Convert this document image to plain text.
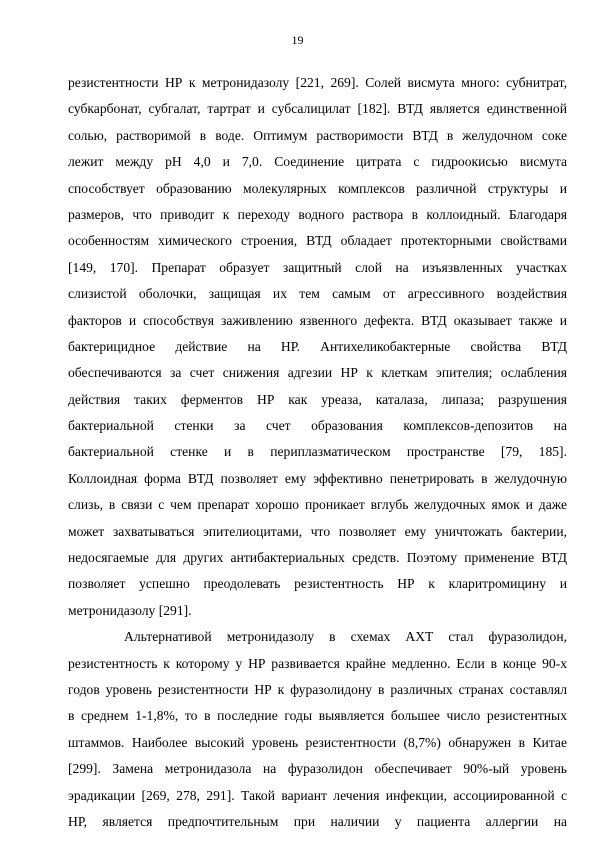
19
резистентности НР к метронидазолу [221, 269]. Солей висмута много: субнитрат,
субкарбонат, субгалат, тартрат и субсалицилат [182]. ВТД является единственной
солью, растворимой в воде. Оптимум растворимости ВТД в желудочном соке
лежит между рН 4,0 и 7,0. Соединение цитрата с гидроокисью висмута
способствует образованию молекулярных комплексов различной структуры и
размеров, что приводит к переходу водного раствора в коллоидный. Благодаря
особенностям химического строения, ВТД обладает протекторными свойствами
[149, 170]. Препарат образует защитный слой на изъязвленных участках
слизистой оболочки, защищая их тем самым от агрессивного воздействия
факторов и способствуя заживлению язвенного дефекта. ВТД оказывает также и
бактерицидное действие на НР. Антихеликобактерные свойства ВТД
обеспечиваются за счет снижения адгезии НР к клеткам эпителия; ослабления
действия таких ферментов НР как уреаза, каталаза, липаза; разрушения
бактериальной стенки за счет образования комплексов-депозитов на
бактериальной стенке и в периплазматическом пространстве [79, 185].
Коллоидная форма ВТД позволяет ему эффективно пенетрировать в желудочную
слизь, в связи с чем препарат хорошо проникает вглубь желудочных ямок и даже
может захватываться эпителиоцитами, что позволяет ему уничтожать бактерии,
недосягаемые для других антибактериальных средств. Поэтому применение ВТД
позволяет успешно преодолевать резистентность НР к кларитромицину и
метронидазолу [291].
Альтернативой метронидазолу в схемах АХТ стал фуразолидон,
резистентность к которому у НР развивается крайне медленно. Если в конце 90-х
годов уровень резистентности НР к фуразолидону в различных странах составлял
в среднем 1-1,8%, то в последние годы выявляется большее число резистентных
штаммов. Наиболее высокий уровень резистентности (8,7%) обнаружен в Китае
[299]. Замена метронидазола на фуразолидон обеспечивает 90%-ый уровень
эрадикации [269, 278, 291]. Такой вариант лечения инфекции, ассоциированной с
НР, является предпочтительным при наличии у пациента аллергии на
